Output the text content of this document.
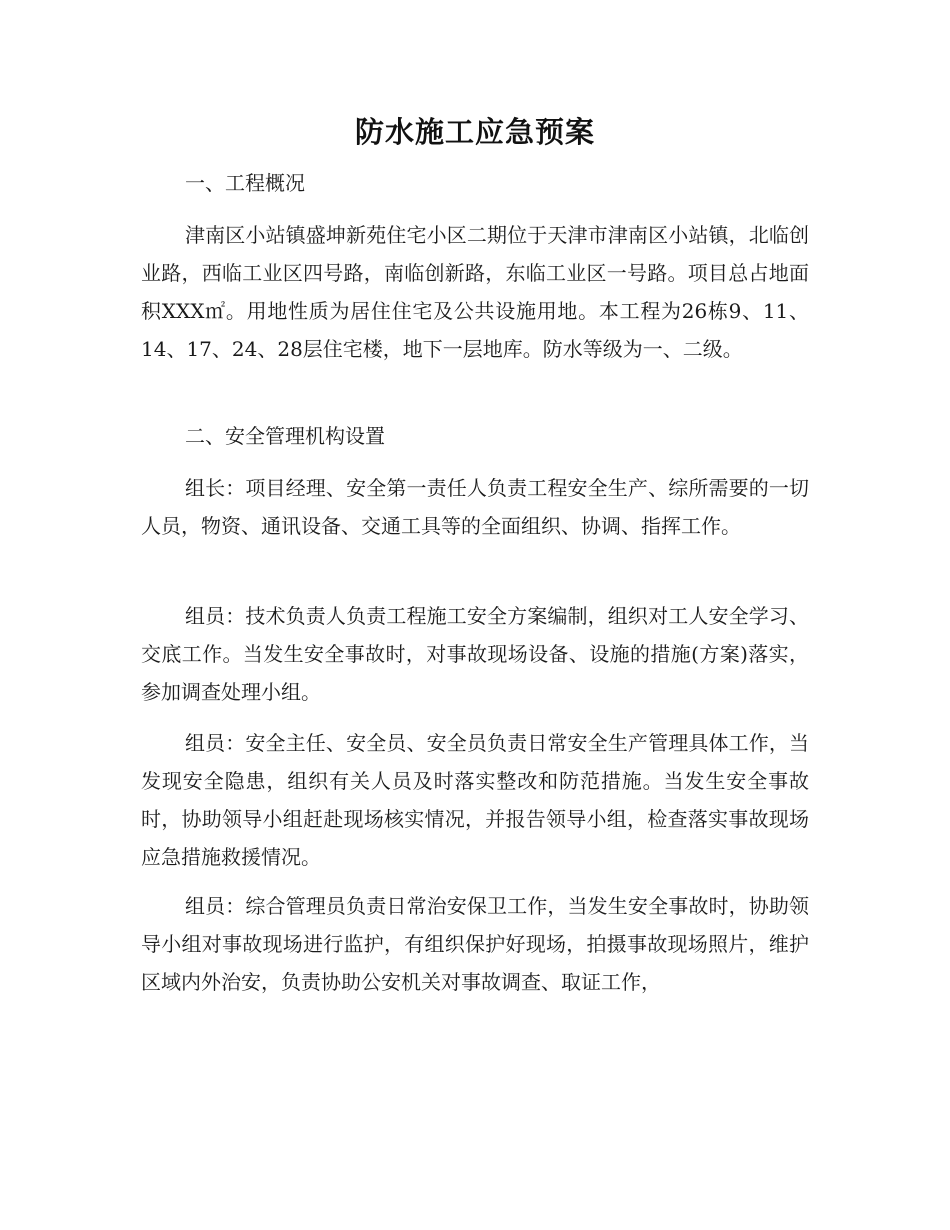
防水施工应急预案

一、工程概况

津南区小站镇盛坤新苑住宅小区二期位于天津市津南区小站镇，北临创业路，西临工业区四号路，南临创新路，东临工业区一号路。项目总占地面积XXX㎡。用地性质为居住住宅及公共设施用地。本工程为26栋9、11、14、17、24、28层住宅楼，地下一层地库。防水等级为一、二级。

二、安全管理机构设置

组长：项目经理、安全第一责任人负责工程安全生产、综所需要的一切人员，物资、通讯设备、交通工具等的全面组织、协调、指挥工作。

组员：技术负责人负责工程施工安全方案编制，组织对工人安全学习、交底工作。当发生安全事故时，对事故现场设备、设施的措施(方案)落实，参加调查处理小组。

组员：安全主任、安全员、安全员负责日常安全生产管理具体工作，当发现安全隐患，组织有关人员及时落实整改和防范措施。当发生安全事故时，协助领导小组赶赴现场核实情况，并报告领导小组，检查落实事故现场应急措施救援情况。

组员：综合管理员负责日常治安保卫工作，当发生安全事故时，协助领导小组对事故现场进行监护，有组织保护好现场，拍摄事故现场照片，维护区域内外治安，负责协助公安机关对事故调查、取证工作，
